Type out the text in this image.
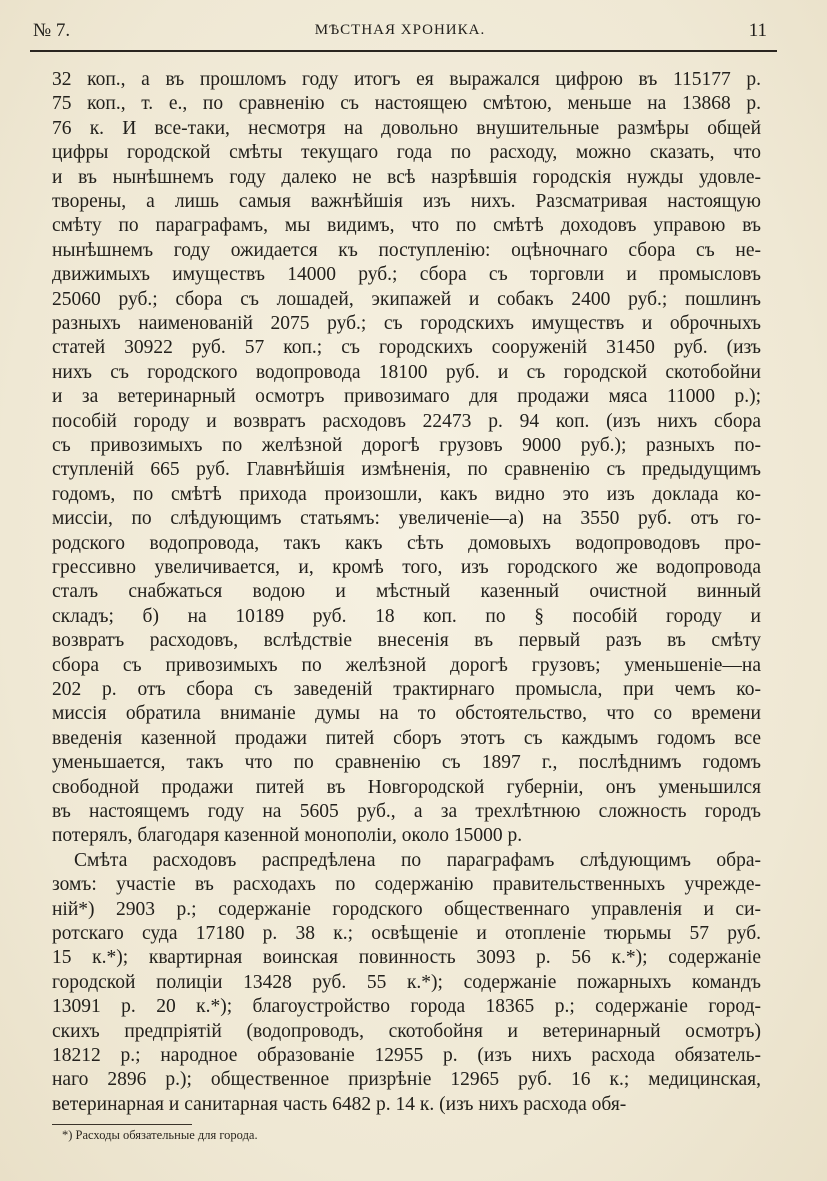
№ 7.	МѢСТНАЯ ХРОНИКА.	11
32 коп., а въ прошломъ году итогъ ея выражался цифрою въ 115177 р.
75 коп., т. е., по сравненію съ настоящею смѣтою, меньше на 13868 р.
76 к. И все-таки, несмотря на довольно внушительные размѣры общей
цифры городской смѣты текущаго года по расходу, можно сказать, что
и въ нынѣшнемъ году далеко не всѣ назрѣвшія городскія нужды удовле-
творены, а лишь самыя важнѣйшія изъ нихъ. Разсматривая настоящую
смѣту по параграфамъ, мы видимъ, что по смѣтѣ доходовъ управою въ
нынѣшнемъ году ожидается къ поступленію: оцѣночнаго сбора съ не-
движимыхъ имуществъ 14000 руб.; сбора съ торговли и промысловъ
25060 руб.; сбора съ лошадей, экипажей и собакъ 2400 руб.; пошлинъ
разныхъ наименованій 2075 руб.; съ городскихъ имуществъ и оброчныхъ
статей 30922 руб. 57 коп.; съ городскихъ сооруженій 31450 руб. (изъ
нихъ съ городского водопровода 18100 руб. и съ городской скотобойни
и за ветеринарный осмотръ привозимаго для продажи мяса 11000 р.);
пособій городу и возвратъ расходовъ 22473 р. 94 коп. (изъ нихъ сбора
съ привозимыхъ по желѣзной дорогѣ грузовъ 9000 руб.); разныхъ по-
ступленій 665 руб. Главнѣйшія измѣненія, по сравненію съ предыдущимъ
годомъ, по смѣтѣ прихода произошли, какъ видно это изъ доклада ко-
миссіи, по слѣдующимъ статьямъ: увеличеніе—а) на 3550 руб. отъ го-
родского водопровода, такъ какъ сѣть домовыхъ водопроводовъ про-
грессивно увеличивается, и, кромѣ того, изъ городского же водопровода
сталъ снабжаться водою и мѣстный казенный очистной винный
складъ; б) на 10189 руб. 18 коп. по § пособій городу и
возвратъ расходовъ, вслѣдствіе внесенія въ первый разъ въ смѣту
сбора съ привозимыхъ по желѣзной дорогѣ грузовъ; уменьшеніе—на
202 р. отъ сбора съ заведеній трактирнаго промысла, при чемъ ко-
миссія обратила вниманіе думы на то обстоятельство, что со времени
введенія казенной продажи питей сборъ этотъ съ каждымъ годомъ все
уменьшается, такъ что по сравненію съ 1897 г., послѣднимъ годомъ
свободной продажи питей въ Новгородской губерніи, онъ уменьшился
въ настоящемъ году на 5605 руб., а за трехлѣтнюю сложность городъ
потерялъ, благодаря казенной монополіи, около 15000 р.
Смѣта расходовъ распредѣлена по параграфамъ слѣдующимъ обра-
зомъ: участіе въ расходахъ по содержанію правительственныхъ учрежде-
ній*) 2903 р.; содержаніе городского общественнаго управленія и си-
ротскаго суда 17180 р. 38 к.; освѣщеніе и отопленіе тюрьмы 57 руб.
15 к.*); квартирная воинская повинность 3093 р. 56 к.*); содержаніе
городской полиціи 13428 руб. 55 к.*); содержаніе пожарныхъ командъ
13091 р. 20 к.*); благоустройство города 18365 р.; содержаніе город-
скихъ предпріятій (водопроводъ, скотобойня и ветеринарный осмотръ)
18212 р.; народное образованіе 12955 р. (изъ нихъ расхода обязатель-
наго 2896 р.); общественное призрѣніе 12965 руб. 16 к.; медицинская,
ветеринарная и санитарная часть 6482 р. 14 к. (изъ нихъ расхода обя-
*) Расходы обязательные для города.
